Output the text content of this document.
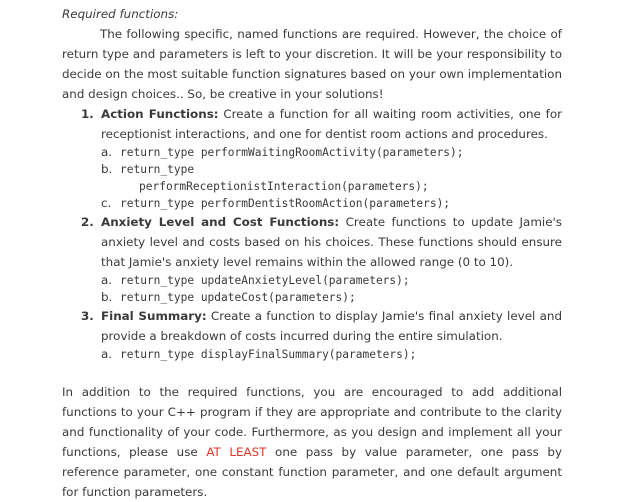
Required functions:
The following specific, named functions are required. However, the choice of return type and parameters is left to your discretion. It will be your responsibility to decide on the most suitable function signatures based on your own implementation and design choices.. So, be creative in your solutions!
1. Action Functions: Create a function for all waiting room activities, one for receptionist interactions, and one for dentist room actions and procedures.
a. return_type performWaitingRoomActivity(parameters);
b. return_type
performReceptionistInteraction(parameters);
c. return_type performDentistRoomAction(parameters);
2. Anxiety Level and Cost Functions: Create functions to update Jamie's anxiety level and costs based on his choices. These functions should ensure that Jamie's anxiety level remains within the allowed range (0 to 10).
a. return_type updateAnxietyLevel(parameters);
b. return_type updateCost(parameters);
3. Final Summary: Create a function to display Jamie's final anxiety level and provide a breakdown of costs incurred during the entire simulation.
a. return_type displayFinalSummary(parameters);
In addition to the required functions, you are encouraged to add additional functions to your C++ program if they are appropriate and contribute to the clarity and functionality of your code. Furthermore, as you design and implement all your functions, please use AT LEAST one pass by value parameter, one pass by reference parameter, one constant function parameter, and one default argument for function parameters.
